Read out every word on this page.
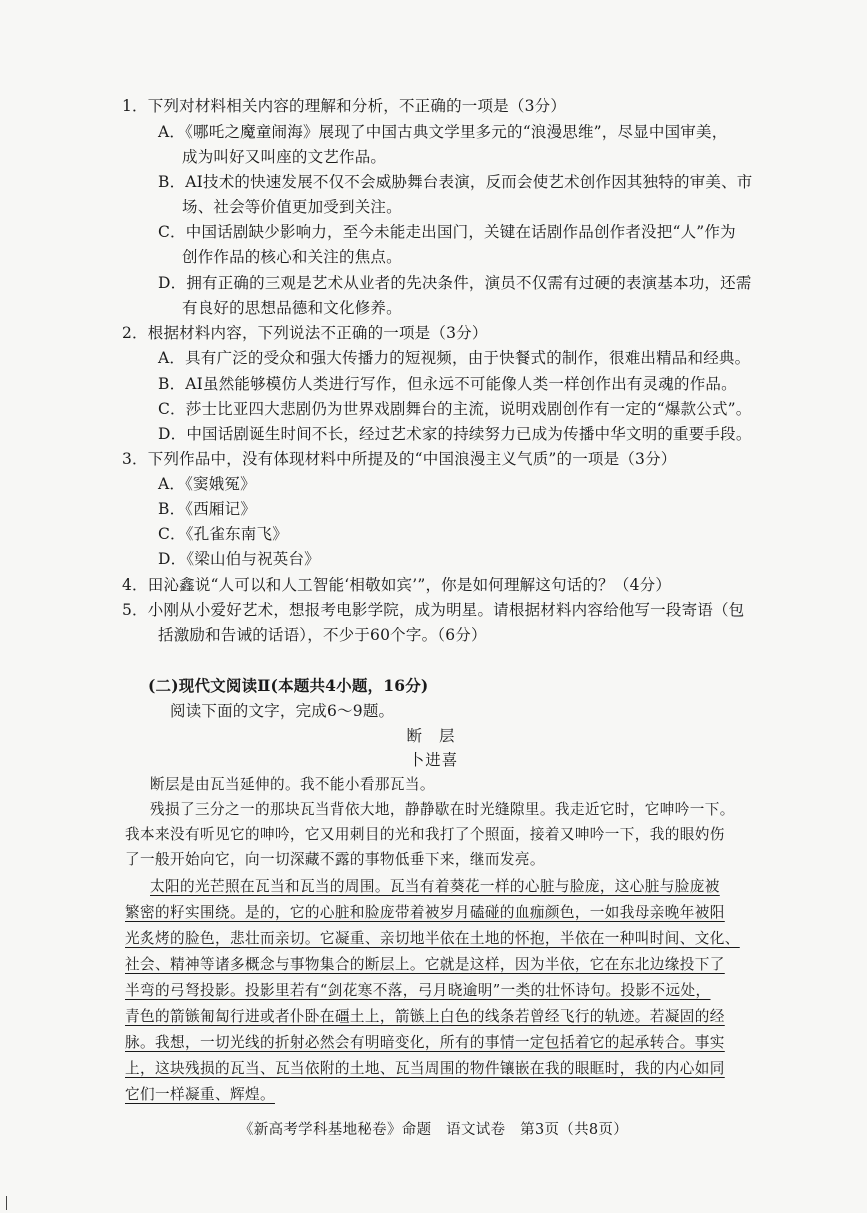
1．下列对材料相关内容的理解和分析，不正确的一项是（3分）
A．《哪吒之魔童闹海》展现了中国古典文学里多元的“浪漫思维”，尽显中国审美，
成为叫好又叫座的文艺作品。
B．AI技术的快速发展不仅不会威胁舞台表演，反而会使艺术创作因其独特的审美、市
场、社会等价值更加受到关注。
C．中国话剧缺少影响力，至今未能走出国门，关键在话剧作品创作者没把“人”作为
创作作品的核心和关注的焦点。
D．拥有正确的三观是艺术从业者的先决条件，演员不仅需有过硬的表演基本功，还需
有良好的思想品德和文化修养。
2．根据材料内容，下列说法不正确的一项是（3分）
A．具有广泛的受众和强大传播力的短视频，由于快餐式的制作，很难出精品和经典。
B．AI虽然能够模仿人类进行写作，但永远不可能像人类一样创作出有灵魂的作品。
C．莎士比亚四大悲剧仍为世界戏剧舞台的主流，说明戏剧创作有一定的“爆款公式”。
D．中国话剧诞生时间不长，经过艺术家的持续努力已成为传播中华文明的重要手段。
3．下列作品中，没有体现材料中所提及的“中国浪漫主义气质”的一项是（3分）
A．《窦娥冤》
B．《西厢记》
C．《孔雀东南飞》
D．《梁山伯与祝英台》
4．田沁鑫说“人可以和人工智能‘相敬如宾’”，你是如何理解这句话的？（4分）
5．小刚从小爱好艺术，想报考电影学院，成为明星。请根据材料内容给他写一段寄语（包
括激励和告诫的话语），不少于60个字。（6分）
(二)现代文阅读Ⅱ(本题共4小题，16分)
阅读下面的文字，完成6～9题。
断 层
卜进喜
断层是由瓦当延伸的。我不能小看那瓦当。
残损了三分之一的那块瓦当背依大地，静静歇在时光缝隙里。我走近它时，它呻吟一下。
我本来没有听见它的呻吟，它又用刺目的光和我打了个照面，接着又呻吟一下，我的眼妁伤
了一般开始向它，向一切深藏不露的事物低垂下来，继而发亮。
太阳的光芒照在瓦当和瓦当的周围。瓦当有着葵花一样的心脏与脸庞，这心脏与脸庞被
繁密的籽实围绕。是的，它的心脏和脸庞带着被岁月磕碰的血痂颜色，一如我母亲晚年被阳
光炙烤的脸色，悲壮而亲切。它凝重、亲切地半依在土地的怀抱，半依在一种叫时间、文化、
社会、精神等诸多概念与事物集合的断层上。它就是这样，因为半依，它在东北边缘投下了
半弯的弓弩投影。投影里若有“剑花寒不落，弓月晓逾明”一类的壮怀诗句。投影不远处，
青色的箭镞匍匐行进或者仆卧在礓土上，箭镞上白色的线条若曾经飞行的轨迹。若凝固的经
脉。我想，一切光线的折射必然会有明暗变化，所有的事情一定包括着它的起承转合。事实
上，这块残损的瓦当、瓦当依附的土地、瓦当周围的物件镶嵌在我的眼眶时，我的内心如同
它们一样凝重、辉煌。
《新高考学科基地秘卷》命题　语文试卷　第3页（共8页）
